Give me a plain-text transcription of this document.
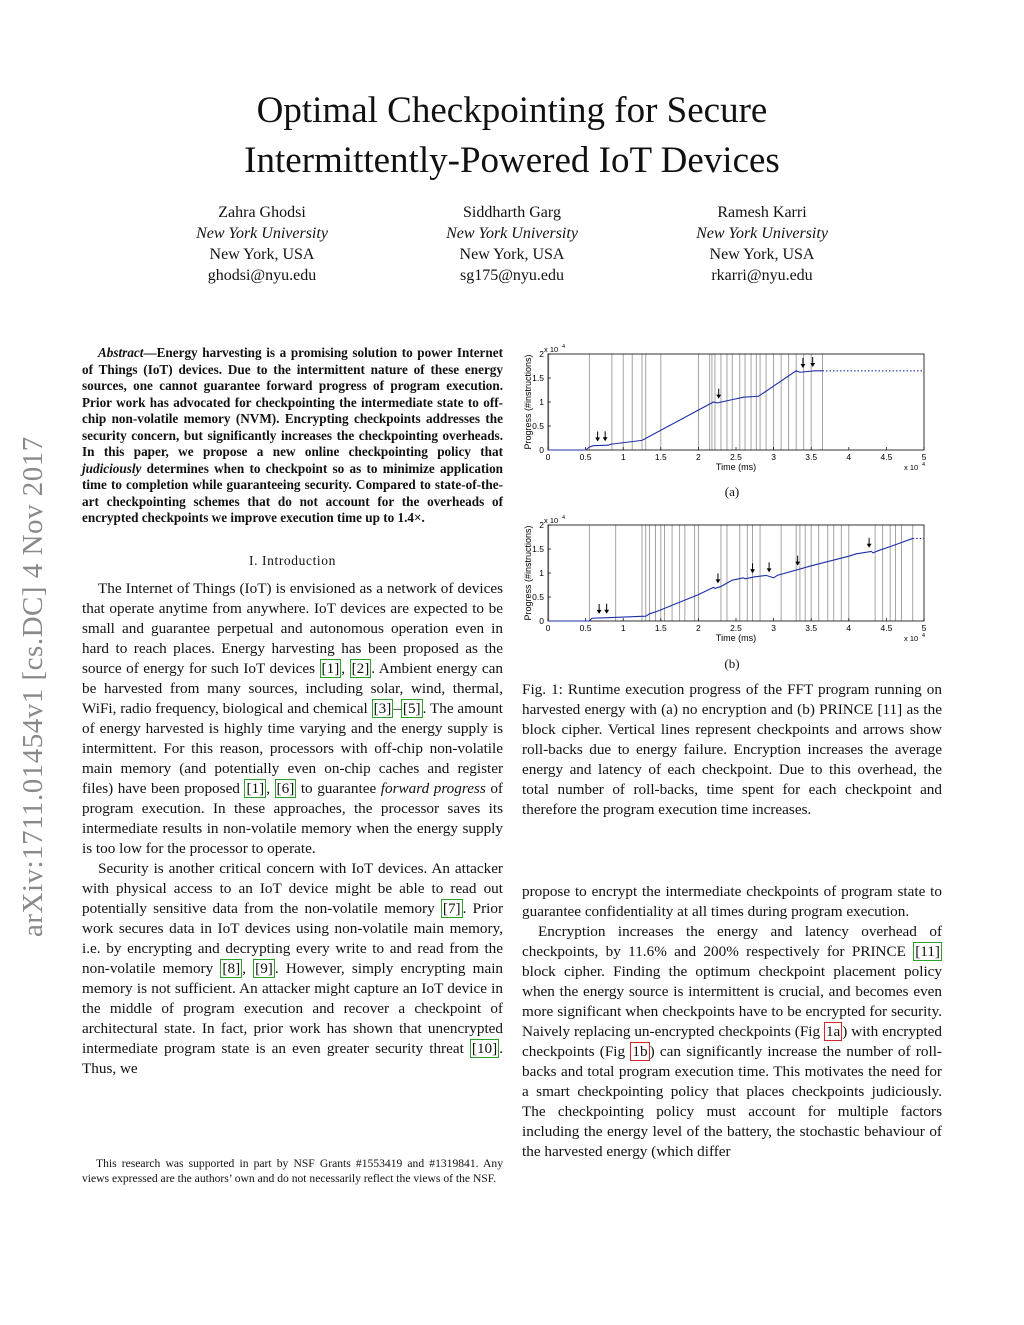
Optimal Checkpointing for Secure
Intermittently-Powered IoT Devices
Zahra Ghodsi
New York University
New York, USA
ghodsi@nyu.edu
Siddharth Garg
New York University
New York, USA
sg175@nyu.edu
Ramesh Karri
New York University
New York, USA
rkarri@nyu.edu
arXiv:1711.01454v1 [cs.DC] 4 Nov 2017
Abstract—Energy harvesting is a promising solution to power Internet of Things (IoT) devices. Due to the intermittent nature of these energy sources, one cannot guarantee forward progress of program execution. Prior work has advocated for checkpointing the intermediate state to off-chip non-volatile memory (NVM). Encrypting checkpoints addresses the security concern, but significantly increases the checkpointing overheads. In this paper, we propose a new online checkpointing policy that judiciously determines when to checkpoint so as to minimize application time to completion while guaranteeing security. Compared to state-of-the-art checkpointing schemes that do not account for the overheads of encrypted checkpoints we improve execution time up to 1.4×.
I. Introduction

The Internet of Things (IoT) is envisioned as a network of devices that operate anytime from anywhere. IoT devices are expected to be small and guarantee perpetual and autonomous operation even in hard to reach places. Energy harvesting has been proposed as the source of energy for such IoT devices [1] , [2] . Ambient energy can be harvested from many sources, including solar, wind, thermal, WiFi, radio frequency, biological and chemical [3] – [5] . The amount of energy harvested is highly time varying and the energy supply is intermittent. For this reason, processors with off-chip non-volatile main memory (and potentially even on-chip caches and register files) have been proposed [1] , [6] to guarantee forward progress of program execution. In these approaches, the processor saves its intermediate results in non-volatile memory when the energy supply is too low for the processor to operate.

Security is another critical concern with IoT devices. An attacker with physical access to an IoT device might be able to read out potentially sensitive data from the non-volatile memory [7] . Prior work secures data in IoT devices using non-volatile main memory, i.e. by encrypting and decrypting every write to and read from the non-volatile memory [8] , [9] . However, simply encrypting main memory is not sufficient. An attacker might capture an IoT device in the middle of program execution and recover a checkpoint of architectural state. In fact, prior work has shown that unencrypted intermediate program state is an even greater security threat [10] . Thus, we

This research was supported in part by NSF Grants #1553419 and #1319841. Any views expressed are the authors’ own and do not necessarily reflect the views of the NSF.

0	0.5	1	1.5	2	2.5	3	3.5	4	4.5	5
0
0.5
1
1.5
2 x 10 4
x 10 4
Time (ms)
Progress (#instructions)
(a)
0	0.5	1	1.5	2	2.5	3	3.5	4	4.5	5
0
0.5
1
1.5
2 x 10 4
x 10 4
Time (ms)
Progress (#instructions)
(b)
Fig. 1: Runtime execution progress of the FFT program running on harvested energy with (a) no encryption and (b) PRINCE [11] as the block cipher. Vertical lines represent checkpoints and arrows show roll-backs due to energy failure. Encryption increases the average energy and latency of each checkpoint. Due to this overhead, the total number of roll-backs, time spent for each checkpoint and therefore the program execution time increases.

propose to encrypt the intermediate checkpoints of program state to guarantee confidentiality at all times during program execution.

Encryption increases the energy and latency overhead of checkpoints, by 11.6% and 200% respectively for PRINCE [11] block cipher. Finding the optimum checkpoint placement policy when the energy source is intermittent is crucial, and becomes even more significant when checkpoints have to be encrypted for security. Naively replacing un-encrypted checkpoints (Fig 1a ) with encrypted checkpoints (Fig 1b ) can significantly increase the number of roll-backs and total program execution time. This motivates the need for a smart checkpointing policy that places checkpoints judiciously. The checkpointing policy must account for multiple factors including the energy level of the battery, the stochastic behaviour of the harvested energy (which differ
